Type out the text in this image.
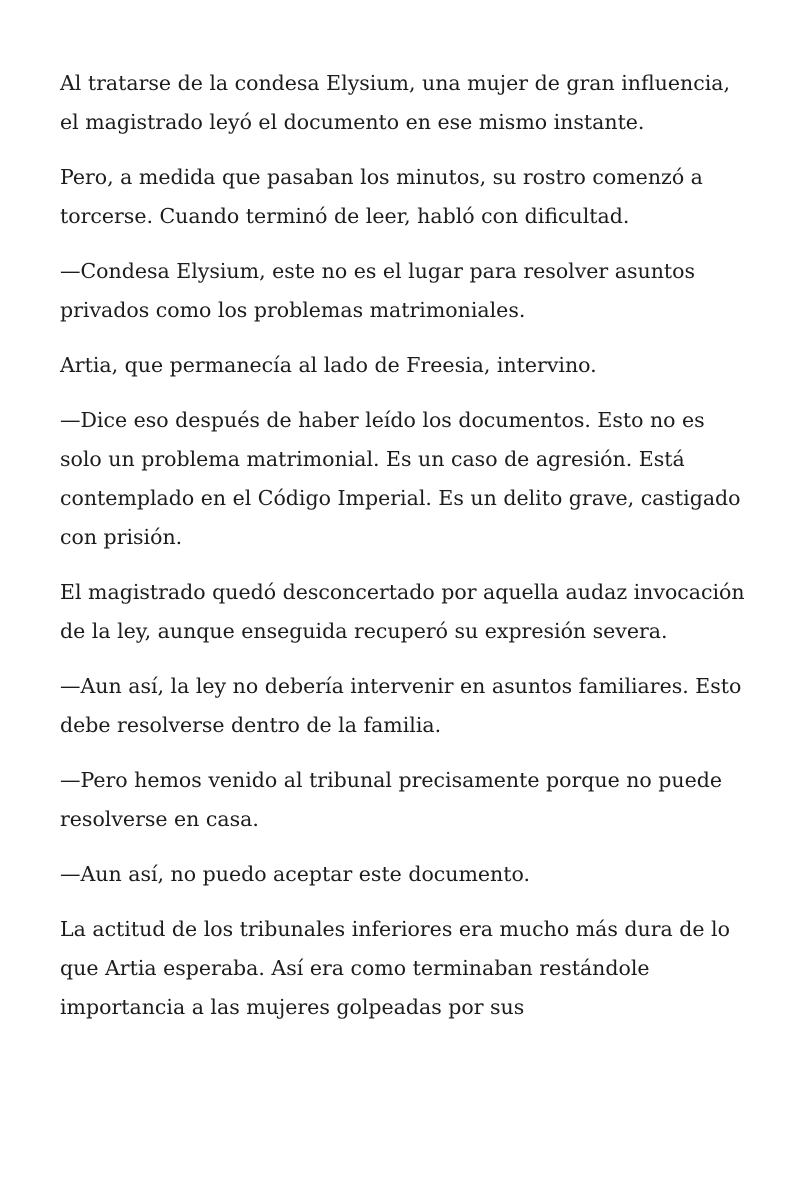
Al tratarse de la condesa Elysium, una mujer de gran influencia, el magistrado leyó el documento en ese mismo instante.

Pero, a medida que pasaban los minutos, su rostro comenzó a torcerse. Cuando terminó de leer, habló con dificultad.

—Condesa Elysium, este no es el lugar para resolver asuntos privados como los problemas matrimoniales.

Artia, que permanecía al lado de Freesia, intervino.

—Dice eso después de haber leído los documentos. Esto no es solo un problema matrimonial. Es un caso de agresión. Está contemplado en el Código Imperial. Es un delito grave, castigado con prisión.

El magistrado quedó desconcertado por aquella audaz invocación de la ley, aunque enseguida recuperó su expresión severa.

—Aun así, la ley no debería intervenir en asuntos familiares. Esto debe resolverse dentro de la familia.

—Pero hemos venido al tribunal precisamente porque no puede resolverse en casa.

—Aun así, no puedo aceptar este documento.

La actitud de los tribunales inferiores era mucho más dura de lo que Artia esperaba. Así era como terminaban restándole importancia a las mujeres golpeadas por sus
